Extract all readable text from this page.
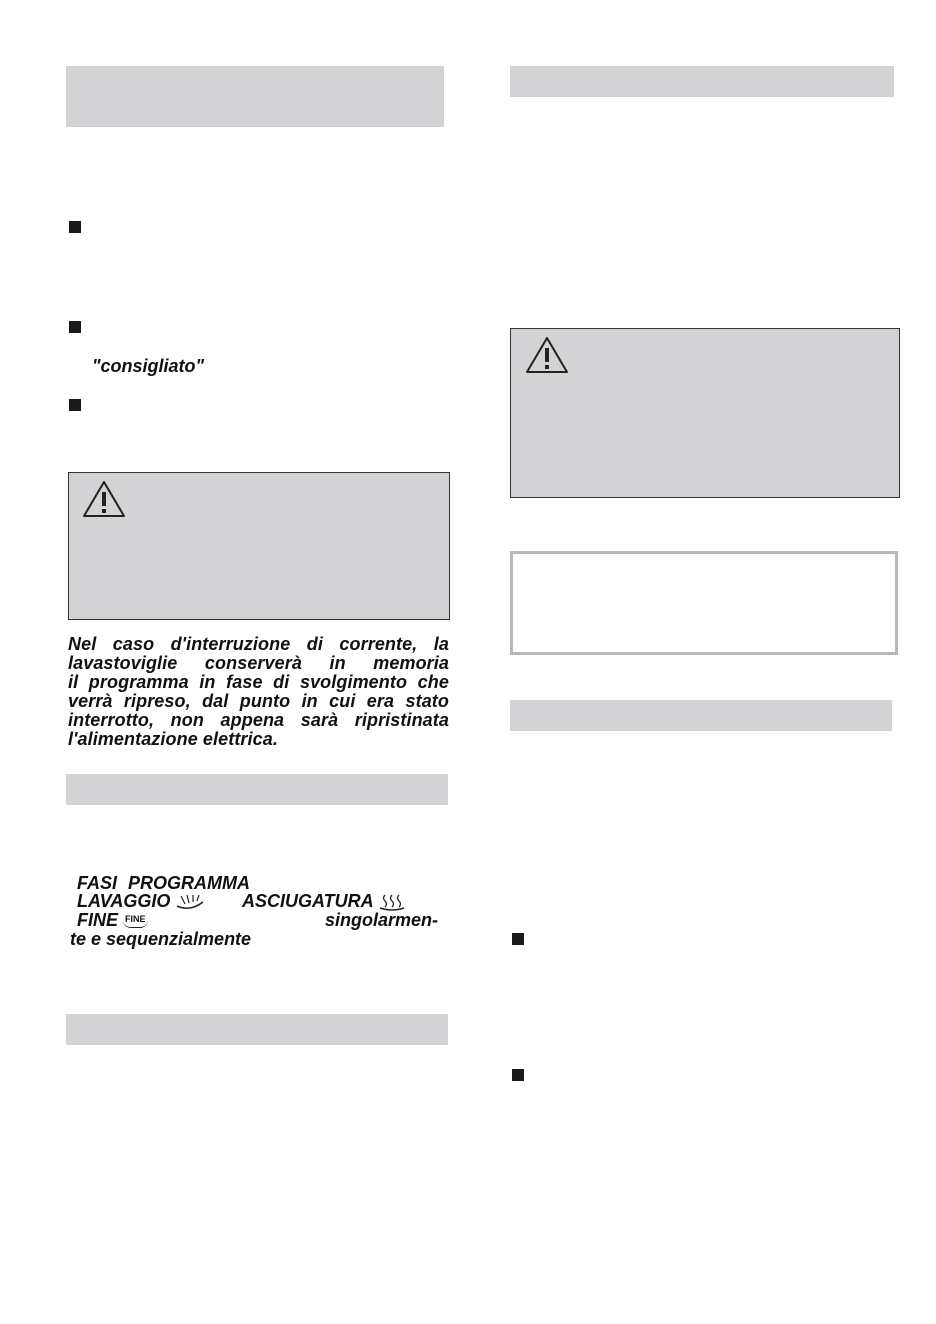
"consigliato"
Nel caso d'interruzione di corrente, la
lavastoviglie conserverà in memoria
il programma in fase di svolgimento che
verrà ripreso, dal punto in cui era stato
interrotto, non appena sarà ripristinata
l'alimentazione elettrica.
FASI PROGRAMMA
LAVAGGIO	ASCIUGATURA
FINE FINE	singolarmen-
te e sequenzialmente
